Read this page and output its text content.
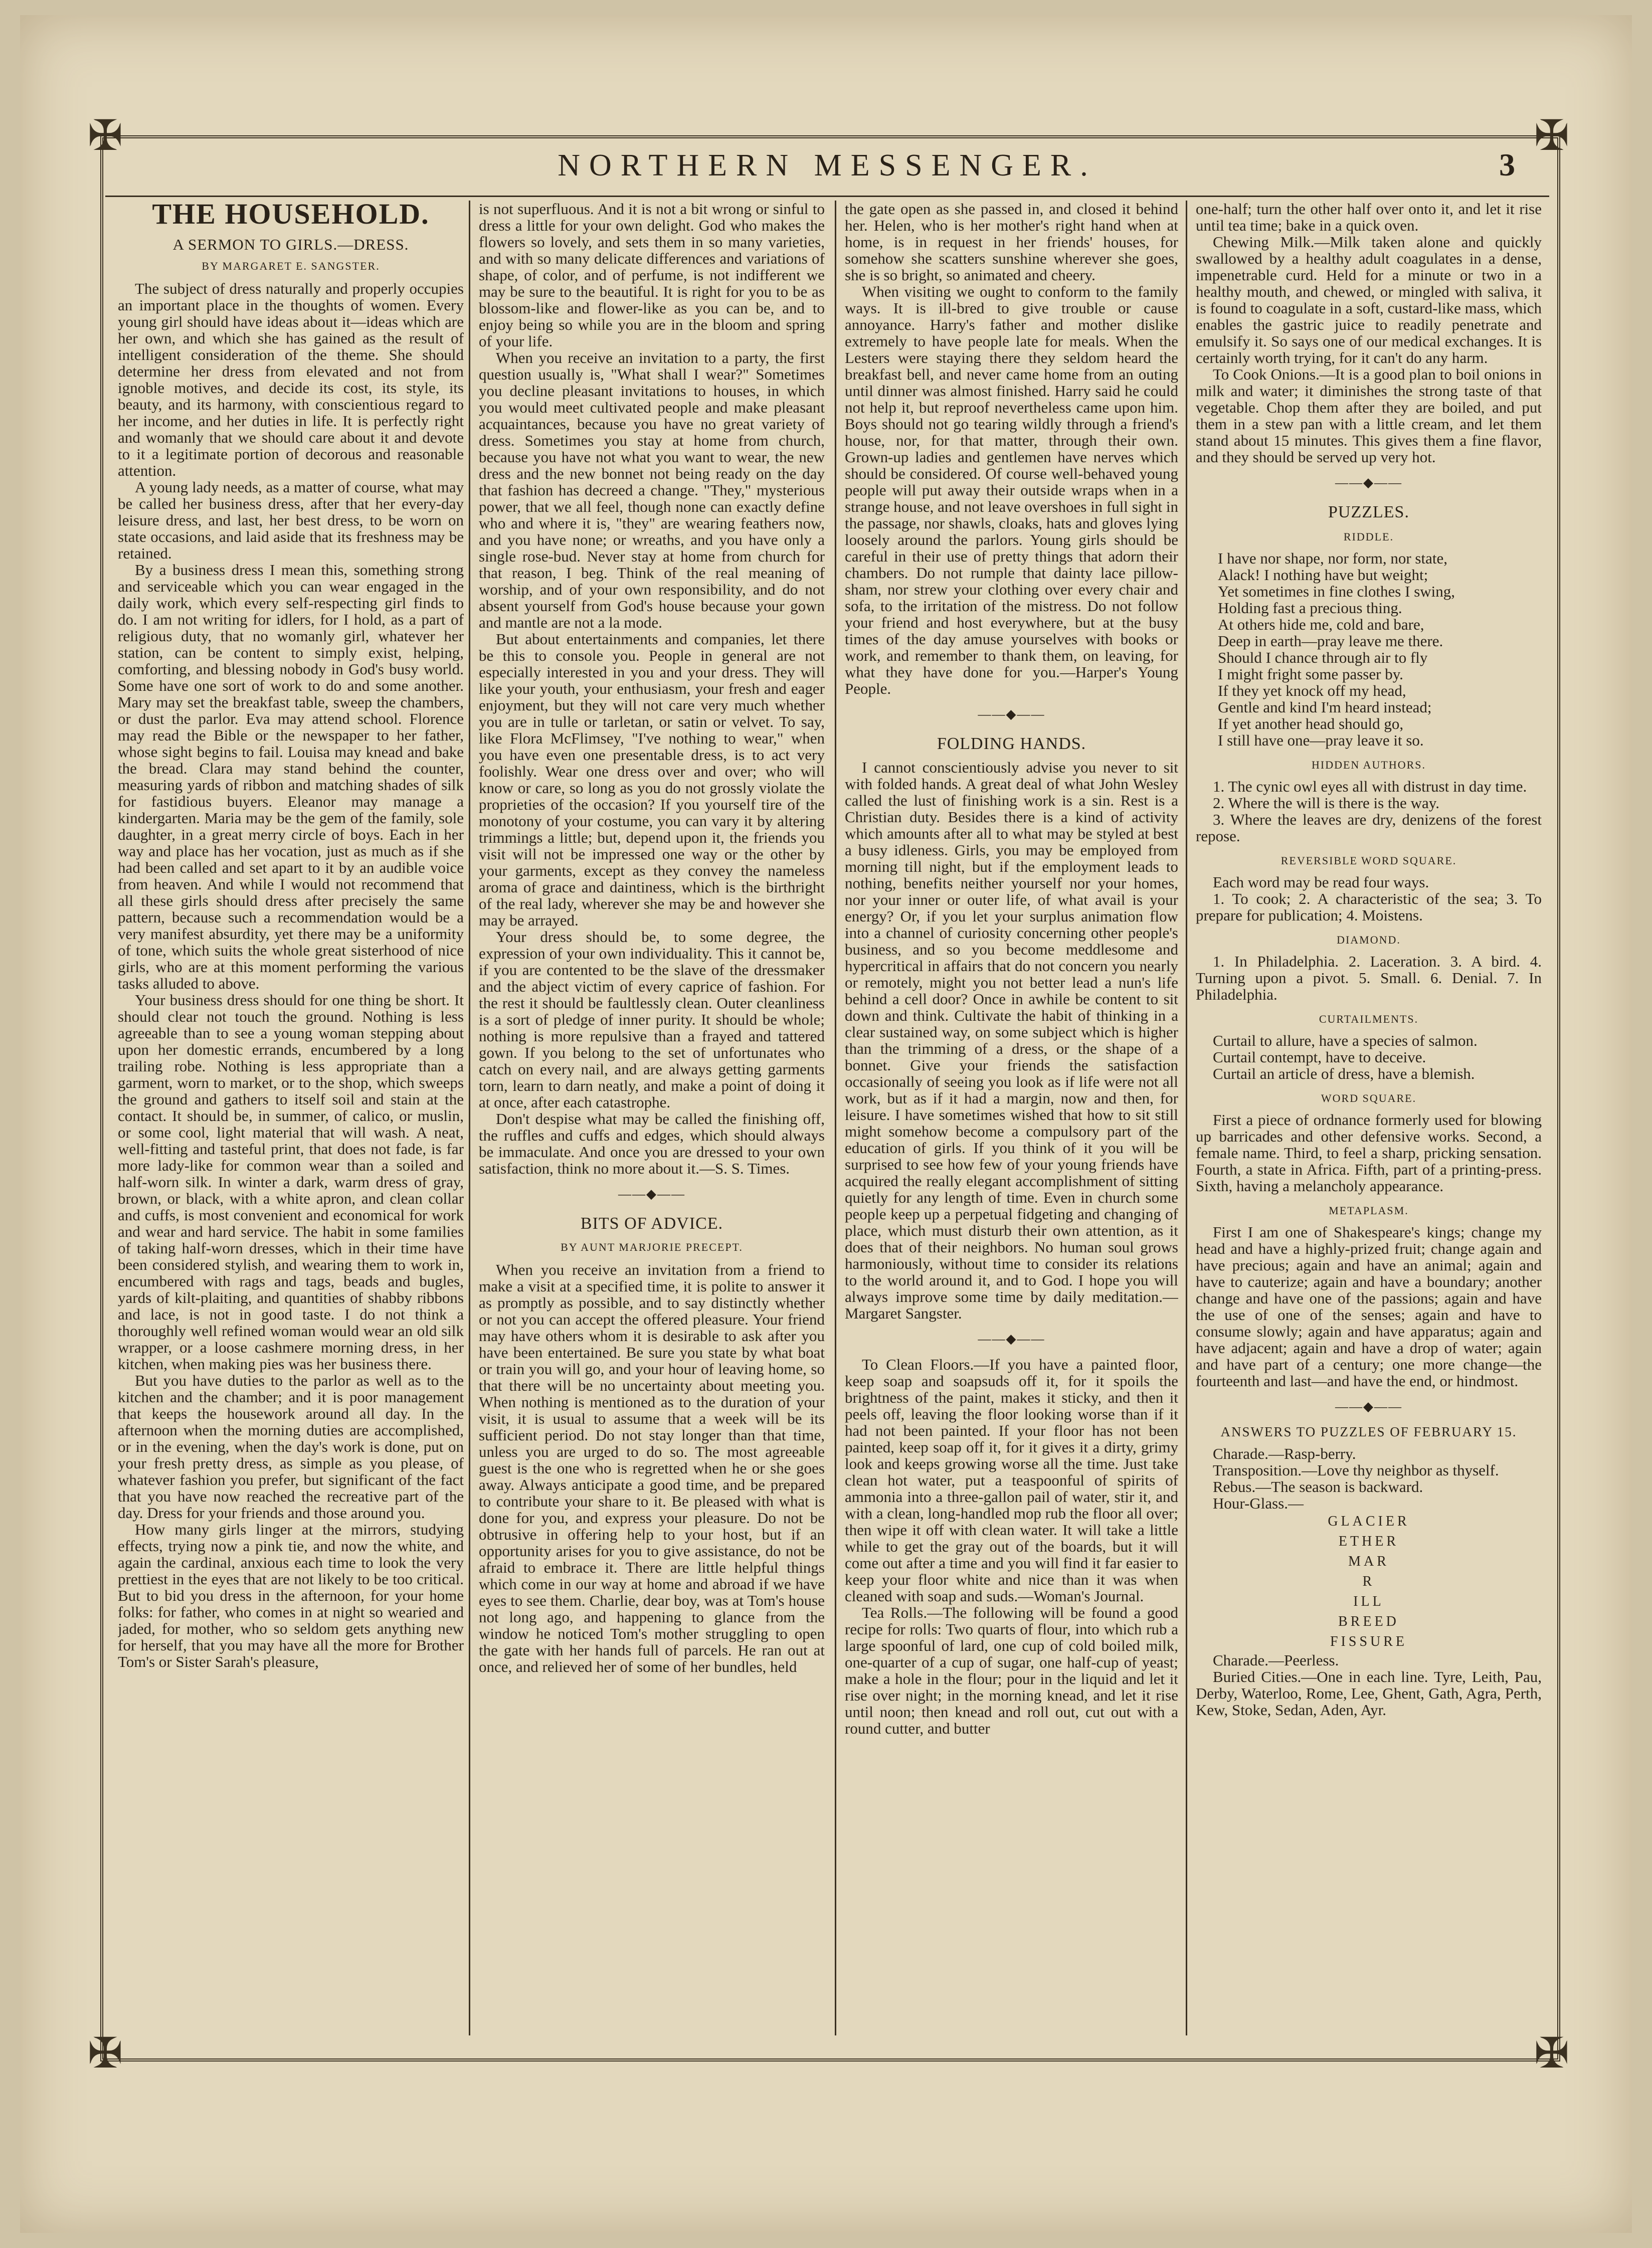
✠	✠
✠	✠
NORTHERN MESSENGER.	3
THE HOUSEHOLD.
A SERMON TO GIRLS.—DRESS.
BY MARGARET E. SANGSTER.

The subject of dress naturally and properly occupies an important place in the thoughts of women. Every young girl should have ideas about it—ideas which are her own, and which she has gained as the result of intelligent consideration of the theme. She should determine her dress from elevated and not from ignoble motives, and decide its cost, its style, its beauty, and its harmony, with conscientious regard to her income, and her duties in life. It is perfectly right and womanly that we should care about it and devote to it a legitimate portion of decorous and reasonable attention.

A young lady needs, as a matter of course, what may be called her business dress, after that her every-day leisure dress, and last, her best dress, to be worn on state occasions, and laid aside that its freshness may be retained.

By a business dress I mean this, something strong and serviceable which you can wear engaged in the daily work, which every self-respecting girl finds to do. I am not writing for idlers, for I hold, as a part of religious duty, that no womanly girl, whatever her station, can be content to simply exist, helping, comforting, and blessing nobody in God's busy world. Some have one sort of work to do and some another. Mary may set the breakfast table, sweep the chambers, or dust the parlor. Eva may attend school. Florence may read the Bible or the newspaper to her father, whose sight begins to fail. Louisa may knead and bake the bread. Clara may stand behind the counter, measuring yards of ribbon and matching shades of silk for fastidious buyers. Eleanor may manage a kindergarten. Maria may be the gem of the family, sole daughter, in a great merry circle of boys. Each in her way and place has her vocation, just as much as if she had been called and set apart to it by an audible voice from heaven. And while I would not recommend that all these girls should dress after precisely the same pattern, because such a recommendation would be a very manifest absurdity, yet there may be a uniformity of tone, which suits the whole great sisterhood of nice girls, who are at this moment performing the various tasks alluded to above.

Your business dress should for one thing be short. It should clear not touch the ground. Nothing is less agreeable than to see a young woman stepping about upon her domestic errands, encumbered by a long trailing robe. Nothing is less appropriate than a garment, worn to market, or to the shop, which sweeps the ground and gathers to itself soil and stain at the contact. It should be, in summer, of calico, or muslin, or some cool, light material that will wash. A neat, well-fitting and tasteful print, that does not fade, is far more lady-like for common wear than a soiled and half-worn silk. In winter a dark, warm dress of gray, brown, or black, with a white apron, and clean collar and cuffs, is most convenient and economical for work and wear and hard service. The habit in some families of taking half-worn dresses, which in their time have been considered stylish, and wearing them to work in, encumbered with rags and tags, beads and bugles, yards of kilt-plaiting, and quantities of shabby ribbons and lace, is not in good taste. I do not think a thoroughly well refined woman would wear an old silk wrapper, or a loose cashmere morning dress, in her kitchen, when making pies was her business there.

But you have duties to the parlor as well as to the kitchen and the chamber; and it is poor management that keeps the housework around all day. In the afternoon when the morning duties are accomplished, or in the evening, when the day's work is done, put on your fresh pretty dress, as simple as you please, of whatever fashion you prefer, but significant of the fact that you have now reached the recreative part of the day. Dress for your friends and those around you.

How many girls linger at the mirrors, studying effects, trying now a pink tie, and now the white, and again the cardinal, anxious each time to look the very prettiest in the eyes that are not likely to be too critical. But to bid you dress in the afternoon, for your home folks: for father, who comes in at night so wearied and jaded, for mother, who so seldom gets anything new for herself, that you may have all the more for Brother Tom's or Sister Sarah's pleasure,

is not superfluous. And it is not a bit wrong or sinful to dress a little for your own delight. God who makes the flowers so lovely, and sets them in so many varieties, and with so many delicate differences and variations of shape, of color, and of perfume, is not indifferent we may be sure to the beautiful. It is right for you to be as blossom-like and flower-like as you can be, and to enjoy being so while you are in the bloom and spring of your life.

When you receive an invitation to a party, the first question usually is, "What shall I wear?" Sometimes you decline pleasant invitations to houses, in which you would meet cultivated people and make pleasant acquaintances, because you have no great variety of dress. Sometimes you stay at home from church, because you have not what you want to wear, the new dress and the new bonnet not being ready on the day that fashion has decreed a change. "They," mysterious power, that we all feel, though none can exactly define who and where it is, "they" are wearing feathers now, and you have none; or wreaths, and you have only a single rose-bud. Never stay at home from church for that reason, I beg. Think of the real meaning of worship, and of your own responsibility, and do not absent yourself from God's house because your gown and mantle are not a la mode.

But about entertainments and companies, let there be this to console you. People in general are not especially interested in you and your dress. They will like your youth, your enthusiasm, your fresh and eager enjoyment, but they will not care very much whether you are in tulle or tarletan, or satin or velvet. To say, like Flora McFlimsey, "I've nothing to wear," when you have even one presentable dress, is to act very foolishly. Wear one dress over and over; who will know or care, so long as you do not grossly violate the proprieties of the occasion? If you yourself tire of the monotony of your costume, you can vary it by altering trimmings a little; but, depend upon it, the friends you visit will not be impressed one way or the other by your garments, except as they convey the nameless aroma of grace and daintiness, which is the birthright of the real lady, wherever she may be and however she may be arrayed.

Your dress should be, to some degree, the expression of your own individuality. This it cannot be, if you are contented to be the slave of the dressmaker and the abject victim of every caprice of fashion. For the rest it should be faultlessly clean. Outer cleanliness is a sort of pledge of inner purity. It should be whole; nothing is more repulsive than a frayed and tattered gown. If you belong to the set of unfortunates who catch on every nail, and are always getting garments torn, learn to darn neatly, and make a point of doing it at once, after each catastrophe.

Don't despise what may be called the finishing off, the ruffles and cuffs and edges, which should always be immaculate. And once you are dressed to your own satisfaction, think no more about it.—S. S. Times.

——◆——
BITS OF ADVICE.
BY AUNT MARJORIE PRECEPT.

When you receive an invitation from a friend to make a visit at a specified time, it is polite to answer it as promptly as possible, and to say distinctly whether or not you can accept the offered pleasure. Your friend may have others whom it is desirable to ask after you have been entertained. Be sure you state by what boat or train you will go, and your hour of leaving home, so that there will be no uncertainty about meeting you. When nothing is mentioned as to the duration of your visit, it is usual to assume that a week will be its sufficient period. Do not stay longer than that time, unless you are urged to do so. The most agreeable guest is the one who is regretted when he or she goes away. Always anticipate a good time, and be prepared to contribute your share to it. Be pleased with what is done for you, and express your pleasure. Do not be obtrusive in offering help to your host, but if an opportunity arises for you to give assistance, do not be afraid to embrace it. There are little helpful things which come in our way at home and abroad if we have eyes to see them. Charlie, dear boy, was at Tom's house not long ago, and happening to glance from the window he noticed Tom's mother struggling to open the gate with her hands full of parcels. He ran out at once, and relieved her of some of her bundles, held

the gate open as she passed in, and closed it behind her. Helen, who is her mother's right hand when at home, is in request in her friends' houses, for somehow she scatters sunshine wherever she goes, she is so bright, so animated and cheery.

When visiting we ought to conform to the family ways. It is ill-bred to give trouble or cause annoyance. Harry's father and mother dislike extremely to have people late for meals. When the Lesters were staying there they seldom heard the breakfast bell, and never came home from an outing until dinner was almost finished. Harry said he could not help it, but reproof nevertheless came upon him. Boys should not go tearing wildly through a friend's house, nor, for that matter, through their own. Grown-up ladies and gentlemen have nerves which should be considered. Of course well-behaved young people will put away their outside wraps when in a strange house, and not leave overshoes in full sight in the passage, nor shawls, cloaks, hats and gloves lying loosely around the parlors. Young girls should be careful in their use of pretty things that adorn their chambers. Do not rumple that dainty lace pillow-sham, nor strew your clothing over every chair and sofa, to the irritation of the mistress. Do not follow your friend and host everywhere, but at the busy times of the day amuse yourselves with books or work, and remember to thank them, on leaving, for what they have done for you.—Harper's Young People.

——◆——
FOLDING HANDS.

I cannot conscientiously advise you never to sit with folded hands. A great deal of what John Wesley called the lust of finishing work is a sin. Rest is a Christian duty. Besides there is a kind of activity which amounts after all to what may be styled at best a busy idleness. Girls, you may be employed from morning till night, but if the employment leads to nothing, benefits neither yourself nor your homes, nor your inner or outer life, of what avail is your energy? Or, if you let your surplus animation flow into a channel of curiosity concerning other people's business, and so you become meddlesome and hypercritical in affairs that do not concern you nearly or remotely, might you not better lead a nun's life behind a cell door? Once in awhile be content to sit down and think. Cultivate the habit of thinking in a clear sustained way, on some subject which is higher than the trimming of a dress, or the shape of a bonnet. Give your friends the satisfaction occasionally of seeing you look as if life were not all work, but as if it had a margin, now and then, for leisure. I have sometimes wished that how to sit still might somehow become a compulsory part of the education of girls. If you think of it you will be surprised to see how few of your young friends have acquired the really elegant accomplishment of sitting quietly for any length of time. Even in church some people keep up a perpetual fidgeting and changing of place, which must disturb their own attention, as it does that of their neighbors. No human soul grows harmoniously, without time to consider its relations to the world around it, and to God. I hope you will always improve some time by daily meditation.—Margaret Sangster.

——◆——

To Clean Floors.—If you have a painted floor, keep soap and soapsuds off it, for it spoils the brightness of the paint, makes it sticky, and then it peels off, leaving the floor looking worse than if it had not been painted. If your floor has not been painted, keep soap off it, for it gives it a dirty, grimy look and keeps growing worse all the time. Just take clean hot water, put a teaspoonful of spirits of ammonia into a three-gallon pail of water, stir it, and with a clean, long-handled mop rub the floor all over; then wipe it off with clean water. It will take a little while to get the gray out of the boards, but it will come out after a time and you will find it far easier to keep your floor white and nice than it was when cleaned with soap and suds.—Woman's Journal.

Tea Rolls.—The following will be found a good recipe for rolls: Two quarts of flour, into which rub a large spoonful of lard, one cup of cold boiled milk, one-quarter of a cup of sugar, one half-cup of yeast; make a hole in the flour; pour in the liquid and let it rise over night; in the morning knead, and let it rise until noon; then knead and roll out, cut out with a round cutter, and butter

one-half; turn the other half over onto it, and let it rise until tea time; bake in a quick oven.

Chewing Milk.—Milk taken alone and quickly swallowed by a healthy adult coagulates in a dense, impenetrable curd. Held for a minute or two in a healthy mouth, and chewed, or mingled with saliva, it is found to coagulate in a soft, custard-like mass, which enables the gastric juice to readily penetrate and emulsify it. So says one of our medical exchanges. It is certainly worth trying, for it can't do any harm.

To Cook Onions.—It is a good plan to boil onions in milk and water; it diminishes the strong taste of that vegetable. Chop them after they are boiled, and put them in a stew pan with a little cream, and let them stand about 15 minutes. This gives them a fine flavor, and they should be served up very hot.

——◆——
PUZZLES.
RIDDLE.
I have nor shape, nor form, nor state,
Alack! I nothing have but weight;
Yet sometimes in fine clothes I swing,
Holding fast a precious thing.
At others hide me, cold and bare,
Deep in earth—pray leave me there.
Should I chance through air to fly
I might fright some passer by.
If they yet knock off my head,
Gentle and kind I'm heard instead;
If yet another head should go,
I still have one—pray leave it so.
HIDDEN AUTHORS.

1. The cynic owl eyes all with distrust in day time.

2. Where the will is there is the way.

3. Where the leaves are dry, denizens of the forest repose.

REVERSIBLE WORD SQUARE.

Each word may be read four ways.

1. To cook; 2. A characteristic of the sea; 3. To prepare for publication; 4. Moistens.

DIAMOND.

1. In Philadelphia. 2. Laceration. 3. A bird. 4. Turning upon a pivot. 5. Small. 6. Denial. 7. In Philadelphia.

CURTAILMENTS.

Curtail to allure, have a species of salmon.

Curtail contempt, have to deceive.

Curtail an article of dress, have a blemish.

WORD SQUARE.

First a piece of ordnance formerly used for blowing up barricades and other defensive works. Second, a female name. Third, to feel a sharp, pricking sensation. Fourth, a state in Africa. Fifth, part of a printing-press. Sixth, having a melancholy appearance.

METAPLASM.

First I am one of Shakespeare's kings; change my head and have a highly-prized fruit; change again and have precious; again and have an animal; again and have to cauterize; again and have a boundary; another change and have one of the passions; again and have the use of one of the senses; again and have to consume slowly; again and have apparatus; again and have adjacent; again and have a drop of water; again and have part of a century; one more change—the fourteenth and last—and have the end, or hindmost.

——◆——
ANSWERS TO PUZZLES OF FEBRUARY 15.

Charade.—Rasp-berry.

Transposition.—Love thy neighbor as thyself.

Rebus.—The season is backward.

Hour-Glass.—

GLACIER
ETHER
MAR
R
ILL
BREED
FISSURE

Charade.—Peerless.

Buried Cities.—One in each line. Tyre, Leith, Pau, Derby, Waterloo, Rome, Lee, Ghent, Gath, Agra, Perth, Kew, Stoke, Sedan, Aden, Ayr.
